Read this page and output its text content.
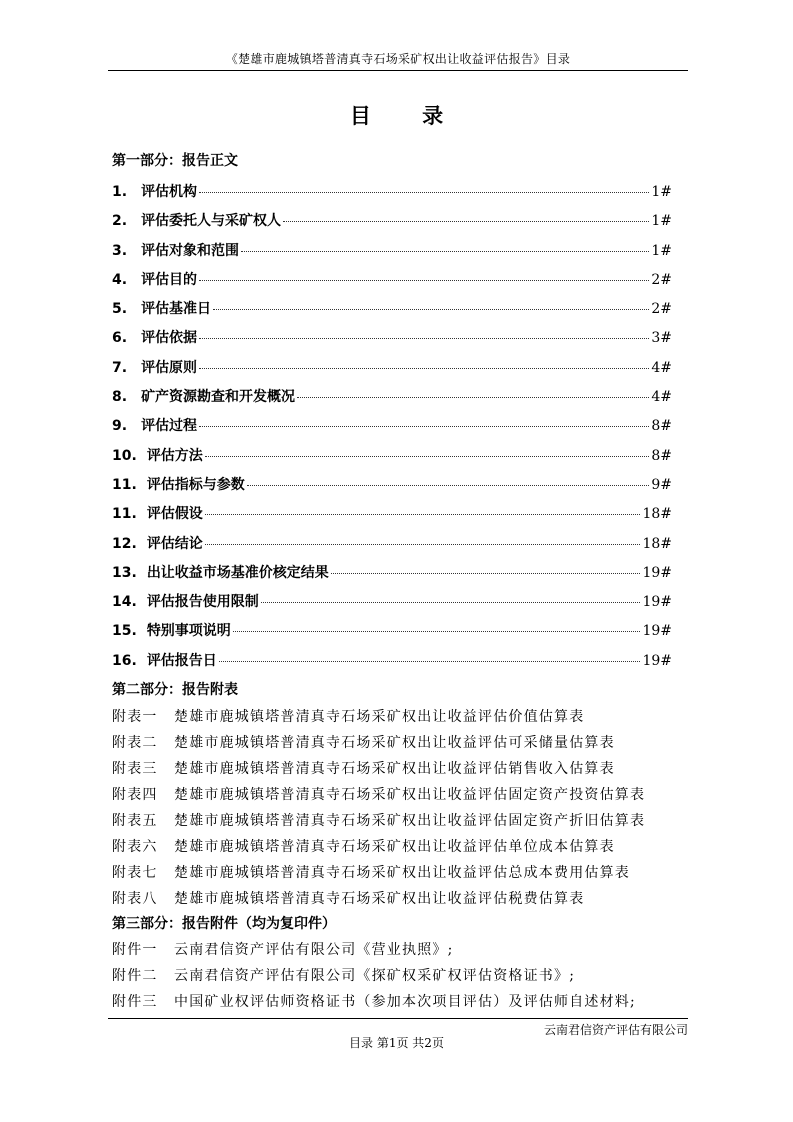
《楚雄市鹿城镇塔普清真寺石场采矿权出让收益评估报告》目录
目 录
第一部分：报告正文
1. 评估机构	1#
2. 评估委托人与采矿权人	1#
3. 评估对象和范围	1#
4. 评估目的	2#
5. 评估基准日	2#
6. 评估依据	3#
7. 评估原则	4#
8. 矿产资源勘查和开发概况	4#
9. 评估过程	8#
10. 评估方法	8#
11. 评估指标与参数	9#
11. 评估假设	18#
12. 评估结论	18#
13. 出让收益市场基准价核定结果	19#
14. 评估报告使用限制	19#
15. 特别事项说明	19#
16. 评估报告日	19#
第二部分：报告附表
附表一	楚雄市鹿城镇塔普清真寺石场采矿权出让收益评估价值估算表
附表二	楚雄市鹿城镇塔普清真寺石场采矿权出让收益评估可采储量估算表
附表三	楚雄市鹿城镇塔普清真寺石场采矿权出让收益评估销售收入估算表
附表四	楚雄市鹿城镇塔普清真寺石场采矿权出让收益评估固定资产投资估算表
附表五	楚雄市鹿城镇塔普清真寺石场采矿权出让收益评估固定资产折旧估算表
附表六	楚雄市鹿城镇塔普清真寺石场采矿权出让收益评估单位成本估算表
附表七	楚雄市鹿城镇塔普清真寺石场采矿权出让收益评估总成本费用估算表
附表八	楚雄市鹿城镇塔普清真寺石场采矿权出让收益评估税费估算表
第三部分：报告附件（均为复印件）
附件一	云南君信资产评估有限公司《营业执照》;
附件二	云南君信资产评估有限公司《探矿权采矿权评估资格证书》;
附件三	中国矿业权评估师资格证书（参加本次项目评估）及评估师自述材料;
云南君信资产评估有限公司
目录 第1页 共2页
